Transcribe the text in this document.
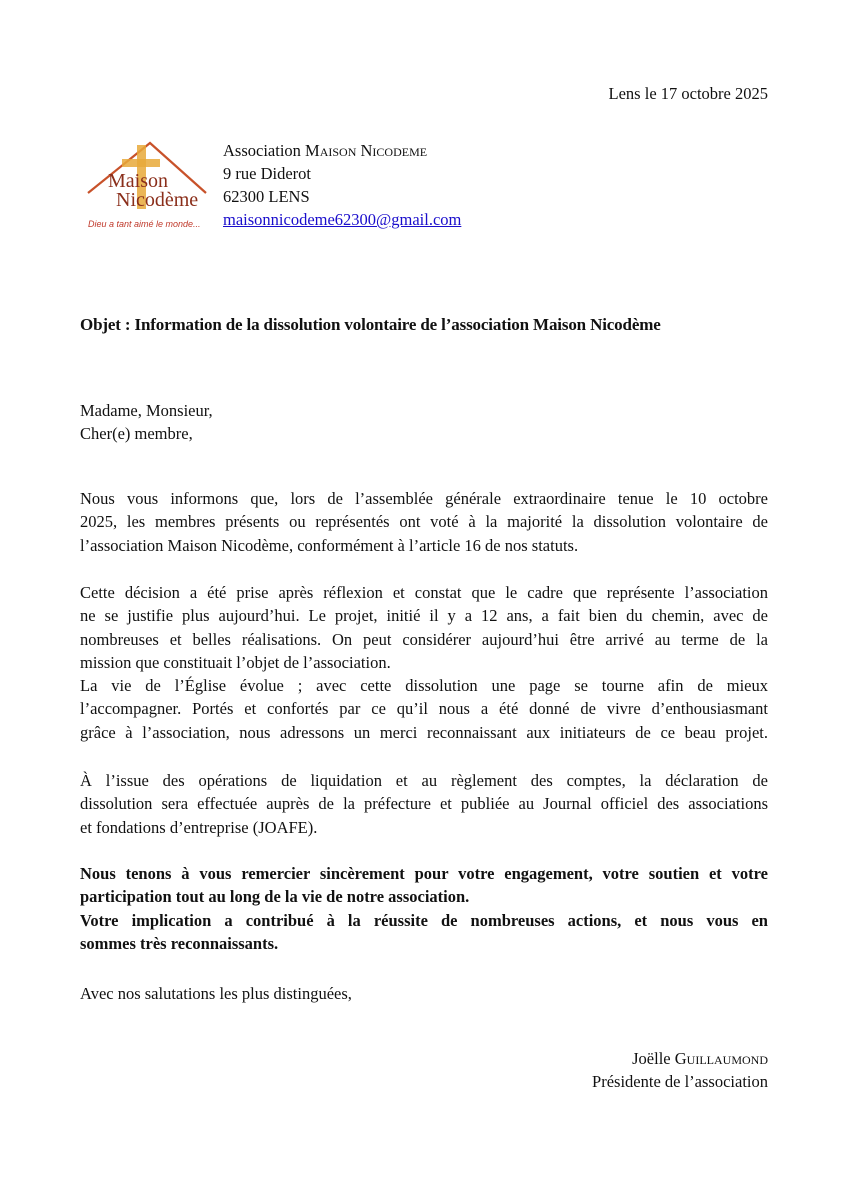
Lens le 17 octobre 2025
Maison
Nicodème
Dieu a tant aimé le monde...
Association Maison Nicodeme
9 rue Diderot
62300 LENS
maisonnicodeme62300@gmail.com
Objet : Information de la dissolution volontaire de l’association Maison Nicodème
Madame, Monsieur,
Cher(e) membre,
Nous vous informons que, lors de l’assemblée générale extraordinaire tenue le 10 octobre
2025, les membres présents ou représentés ont voté à la majorité la dissolution volontaire de
l’association Maison Nicodème, conformément à l’article 16 de nos statuts.
Cette décision a été prise après réflexion et constat que le cadre que représente l’association
ne se justifie plus aujourd’hui. Le projet, initié il y a 12 ans, a fait bien du chemin, avec de
nombreuses et belles réalisations. On peut considérer aujourd’hui être arrivé au terme de la
mission que constituait l’objet de l’association.
La vie de l’Église évolue ; avec cette dissolution une page se tourne afin de mieux
l’accompagner. Portés et confortés par ce qu’il nous a été donné de vivre d’enthousiasmant
grâce à l’association, nous adressons un merci reconnaissant aux initiateurs de ce beau projet.
À l’issue des opérations de liquidation et au règlement des comptes, la déclaration de
dissolution sera effectuée auprès de la préfecture et publiée au Journal officiel des associations
et fondations d’entreprise (JOAFE).
Nous tenons à vous remercier sincèrement pour votre engagement, votre soutien et votre
participation tout au long de la vie de notre association.
Votre implication a contribué à la réussite de nombreuses actions, et nous vous en
sommes très reconnaissants.
Avec nos salutations les plus distinguées,
Joëlle Guillaumond
Présidente de l’association
